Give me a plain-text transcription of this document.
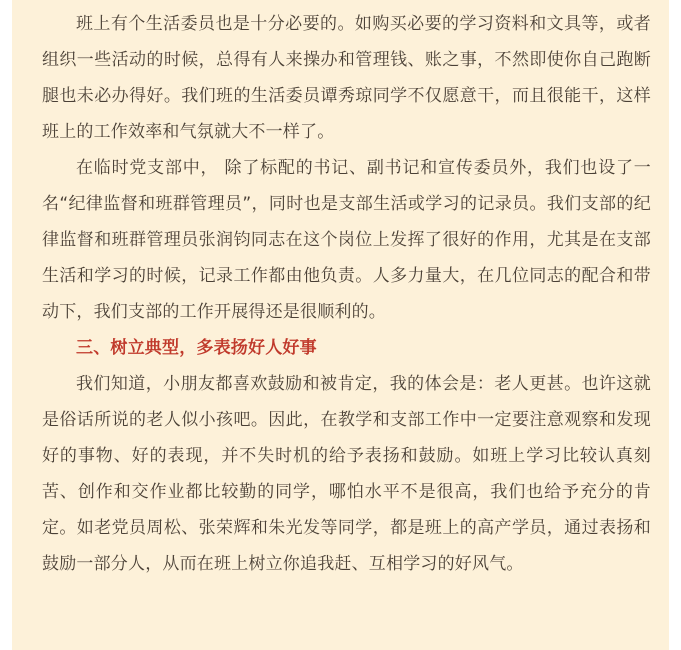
班上有个生活委员也是十分必要的。如购买必要的学习资料和文具等，或者组织一些活动的时候，总得有人来操办和管理钱、账之事，不然即使你自己跑断腿也未必办得好。我们班的生活委员谭秀琼同学不仅愿意干，而且很能干，这样班上的工作效率和气氛就大不一样了。

在临时党支部中， 除了标配的书记、副书记和宣传委员外，我们也设了一名“纪律监督和班群管理员”，同时也是支部生活或学习的记录员。我们支部的纪律监督和班群管理员张润钧同志在这个岗位上发挥了很好的作用，尤其是在支部生活和学习的时候，记录工作都由他负责。人多力量大，在几位同志的配合和带动下，我们支部的工作开展得还是很顺利的。

三、树立典型，多表扬好人好事

我们知道，小朋友都喜欢鼓励和被肯定，我的体会是：老人更甚。也许这就是俗话所说的老人似小孩吧。因此，在教学和支部工作中一定要注意观察和发现好的事物、好的表现，并不失时机的给予表扬和鼓励。如班上学习比较认真刻苦、创作和交作业都比较勤的同学，哪怕水平不是很高，我们也给予充分的肯定。如老党员周松、张荣辉和朱光发等同学，都是班上的高产学员，通过表扬和鼓励一部分人，从而在班上树立你追我赶、互相学习的好风气。
